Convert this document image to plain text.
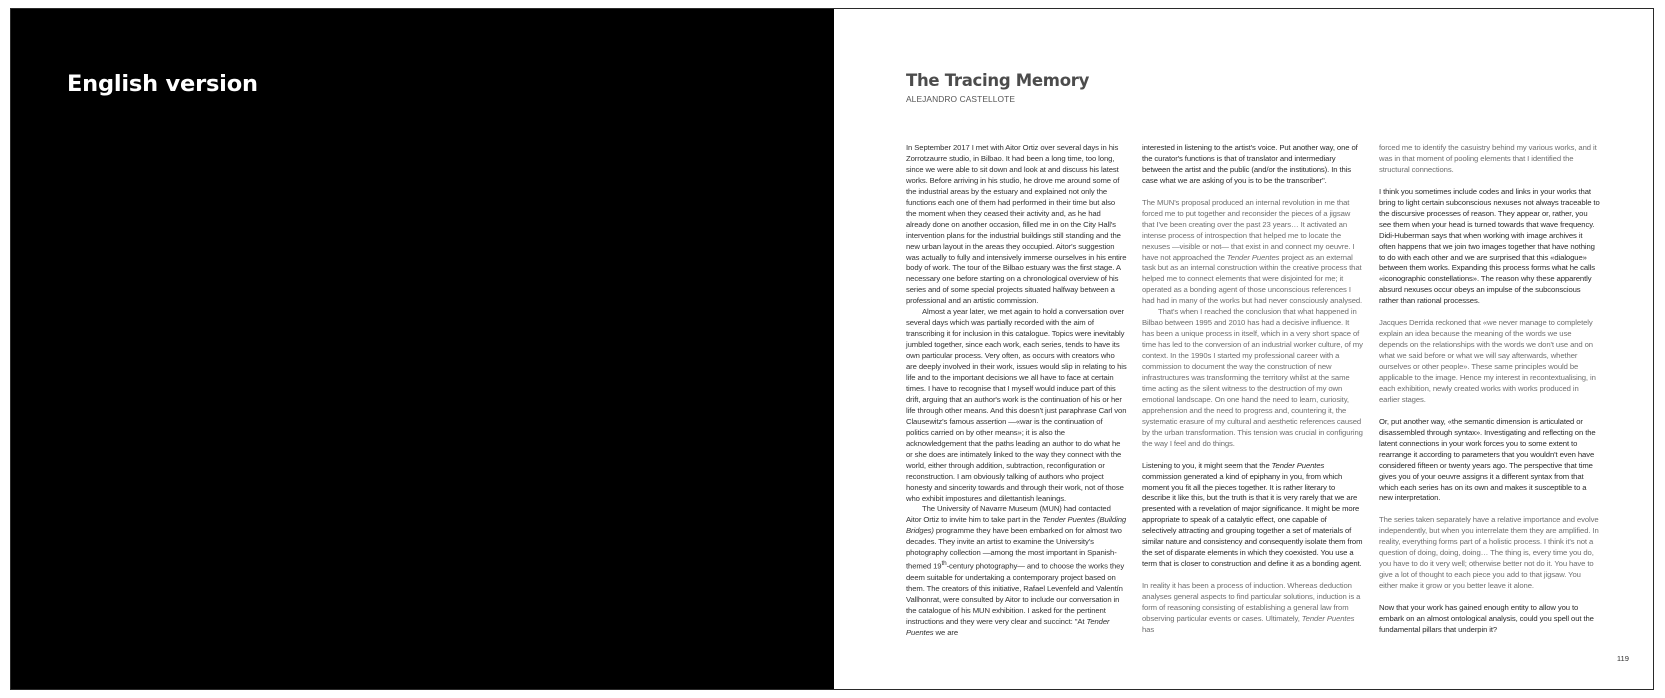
English version	The Tracing Memory

ALEJANDRO CASTELLOTE

In September 2017 I met with Aitor Ortiz over several days in his Zorrotzaurre studio, in Bilbao. It had been a long time, too long, since we were able to sit down and look at and discuss his latest works. Before arriving in his studio, he drove me around some of the industrial areas by the estuary and explained not only the functions each one of them had performed in their time but also the moment when they ceased their activity and, as he had already done on another occasion, filled me in on the City Hall's intervention plans for the industrial buildings still standing and the new urban layout in the areas they occupied. Aitor's suggestion was actually to fully and intensively immerse ourselves in his entire body of work. The tour of the Bilbao estuary was the first stage. A necessary one before starting on a chronological overview of his series and of some special projects situated halfway between a professional and an artistic commission.

Almost a year later, we met again to hold a conversation over several days which was partially recorded with the aim of transcribing it for inclusion in this catalogue. Topics were inevitably jumbled together, since each work, each series, tends to have its own particular process. Very often, as occurs with creators who are deeply involved in their work, issues would slip in relating to his life and to the important decisions we all have to face at certain times. I have to recognise that I myself would induce part of this drift, arguing that an author's work is the continuation of his or her life through other means. And this doesn't just paraphrase Carl von Clausewitz's famous assertion —«war is the continuation of politics carried on by other means»; it is also the acknowledgement that the paths leading an author to do what he or she does are intimately linked to the way they connect with the world, either through addition, subtraction, reconfiguration or reconstruction. I am obviously talking of authors who project honesty and sincerity towards and through their work, not of those who exhibit impostures and dilettantish leanings.

The University of Navarre Museum (MUN) had contacted Aitor Ortiz to invite him to take part in the Tender Puentes (Building Bridges) programme they have been embarked on for almost two decades. They invite an artist to examine the University's photography collection —among the most important in Spanish-themed 19th-century photography— and to choose the works they deem suitable for undertaking a contemporary project based on them. The creators of this initiative, Rafael Levenfeld and Valentín Vallhonrat, were consulted by Aitor to include our conversation in the catalogue of his MUN exhibition. I asked for the pertinent instructions and they were very clear and succinct: "At Tender Puentes we are

interested in listening to the artist's voice. Put another way, one of the curator's functions is that of translator and intermediary between the artist and the public (and/or the institutions). In this case what we are asking of you is to be the transcriber".

The MUN's proposal produced an internal revolution in me that forced me to put together and reconsider the pieces of a jigsaw that I've been creating over the past 23 years… It activated an intense process of introspection that helped me to locate the nexuses —visible or not— that exist in and connect my oeuvre. I have not approached the Tender Puentes project as an external task but as an internal construction within the creative process that helped me to connect elements that were disjointed for me; it operated as a bonding agent of those unconscious references I had had in many of the works but had never consciously analysed.

That's when I reached the conclusion that what happened in Bilbao between 1995 and 2010 has had a decisive influence. It has been a unique process in itself, which in a very short space of time has led to the conversion of an industrial worker culture, of my context. In the 1990s I started my professional career with a commission to document the way the construction of new infrastructures was transforming the territory whilst at the same time acting as the silent witness to the destruction of my own emotional landscape. On one hand the need to learn, curiosity, apprehension and the need to progress and, countering it, the systematic erasure of my cultural and aesthetic references caused by the urban transformation. This tension was crucial in configuring the way I feel and do things.

Listening to you, it might seem that the Tender Puentes commission generated a kind of epiphany in you, from which moment you fit all the pieces together. It is rather literary to describe it like this, but the truth is that it is very rarely that we are presented with a revelation of major significance. It might be more appropriate to speak of a catalytic effect, one capable of selectively attracting and grouping together a set of materials of similar nature and consistency and consequently isolate them from the set of disparate elements in which they coexisted. You use a term that is closer to construction and define it as a bonding agent.

In reality it has been a process of induction. Whereas deduction analyses general aspects to find particular solutions, induction is a form of reasoning consisting of establishing a general law from observing particular events or cases. Ultimately, Tender Puentes has

forced me to identify the casuistry behind my various works, and it was in that moment of pooling elements that I identified the structural connections.

I think you sometimes include codes and links in your works that bring to light certain subconscious nexuses not always traceable to the discursive processes of reason. They appear or, rather, you see them when your head is turned towards that wave frequency. Didi-Huberman says that when working with image archives it often happens that we join two images together that have nothing to do with each other and we are surprised that this «dialogue» between them works. Expanding this process forms what he calls «iconographic constellations». The reason why these apparently absurd nexuses occur obeys an impulse of the subconscious rather than rational processes.

Jacques Derrida reckoned that «we never manage to completely explain an idea because the meaning of the words we use depends on the relationships with the words we don't use and on what we said before or what we will say afterwards, whether ourselves or other people». These same principles would be applicable to the image. Hence my interest in recontextualising, in each exhibition, newly created works with works produced in earlier stages.

Or, put another way, «the semantic dimension is articulated or disassembled through syntax». Investigating and reflecting on the latent connections in your work forces you to some extent to rearrange it according to parameters that you wouldn't even have considered fifteen or twenty years ago. The perspective that time gives you of your oeuvre assigns it a different syntax from that which each series has on its own and makes it susceptible to a new interpretation.

The series taken separately have a relative importance and evolve independently, but when you interrelate them they are amplified. In reality, everything forms part of a holistic process. I think it's not a question of doing, doing, doing… The thing is, every time you do, you have to do it very well; otherwise better not do it. You have to give a lot of thought to each piece you add to that jigsaw. You either make it grow or you better leave it alone.

Now that your work has gained enough entity to allow you to embark on an almost ontological analysis, could you spell out the fundamental pillars that underpin it?

119
